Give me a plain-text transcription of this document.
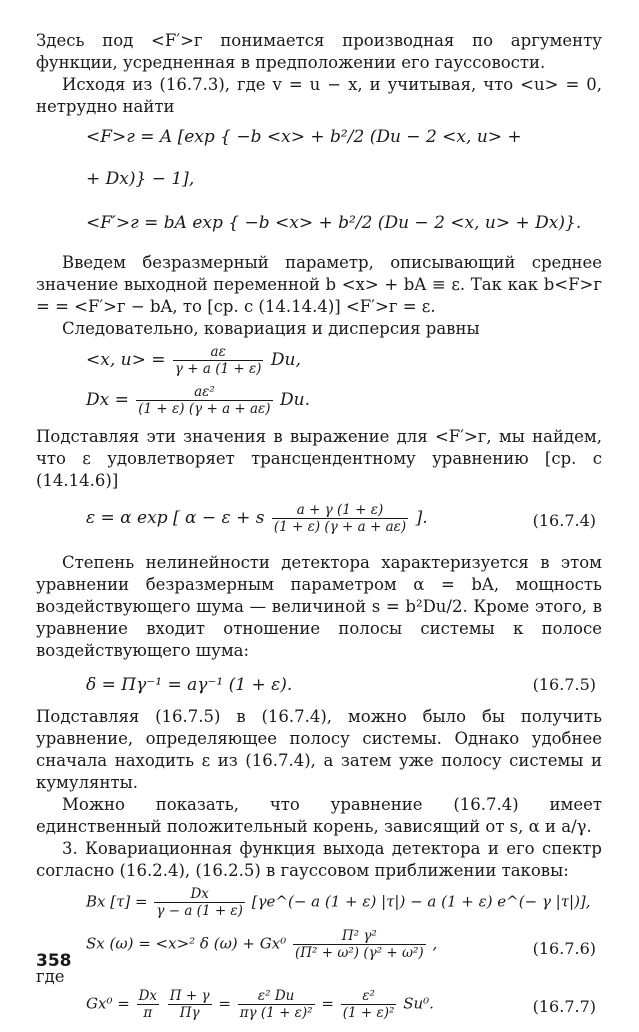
Здесь под <F′>г понимается производная по аргументу функции, усредненная в предположении его гауссовости.

Исходя из (16.7.3), где v = u − x, и учитывая, что <u> = 0, нетрудно найти

<F>г = A [exp { −b <x> + b²/2 (Du − 2 <x, u> +
+ Dx)} − 1],
<F′>г = bA exp { −b <x> + b²/2 (Du − 2 <x, u> + Dx)}.

Введем безразмерный параметр, описывающий среднее значение выходной переменной b <x> + bA ≡ ε. Так как b<F>г = = <F′>г − bA, то [ср. с (14.14.4)] <F′>г = ε.

Следовательно, ковариация и дисперсия равны

<x, $u> = \frac{a\varepsilon}{\gamma + a (1 + \varepsilon)} Du$,
$Dx = \frac{\text{aε²}}{(1 + \varepsilon) (\gamma + a + a\varepsilon)} Du$.

Подставляя эти значения в выражение для <F′>г, мы найдем, что ε удовлетворяет трансцендентному уравнению [ср. с (14.14.6)]

ε = α exp [ α − ε + s $\frac{a + \gamma (1 + \varepsilon)}{(1 + \varepsilon) (\gamma + a + a\varepsilon)}$ ].	(16.7.4)

Степень нелинейности детектора характеризуется в этом уравнении безразмерным параметром α = bA, мощность воздействующего шума — величиной s = b²Du/2. Кроме этого, в уравнение входит отношение полосы системы к полосе воздействующего шума:

δ = Πγ⁻¹ = aγ⁻¹ (1 + ε).	(16.7.5)

Подставляя (16.7.5) в (16.7.4), можно было бы получить уравнение, определяющее полосу системы. Однако удобнее сначала находить ε из (16.7.4), а затем уже полосу системы и кумулянты.

Можно показать, что уравнение (16.7.4) имеет единственный положительный корень, зависящий от s, α и a/γ.

3. Ковариационная функция выхода детектора и его спектр согласно (16.2.4), (16.2.5) в гауссовом приближении таковы:

Bx $[\tau] = \frac{Dx}{\gamma - a (1 + \varepsilon)}$ [γe^(− a (1 + ε) |τ|) − a (1 + ε) e^(− γ |τ|)],
Sx (ω) = <x>² δ $(\omega) + Gx^0 \frac{\text{Π² γ²}}{\text{(Π² + ω²) (γ² + ω²)}}$ ,	(16.7.6)

где

$Gx^0 = \frac{Dx}{\pi}$
$\frac{\Pi + \gamma}{\Pi\gamma} = \frac{\text{ε² Du}}{\text{πγ (1 + ε)²}} = \frac{\text{ε²}}{\text{(1 + ε)²}} Su^0$.	(16.7.7)
358
